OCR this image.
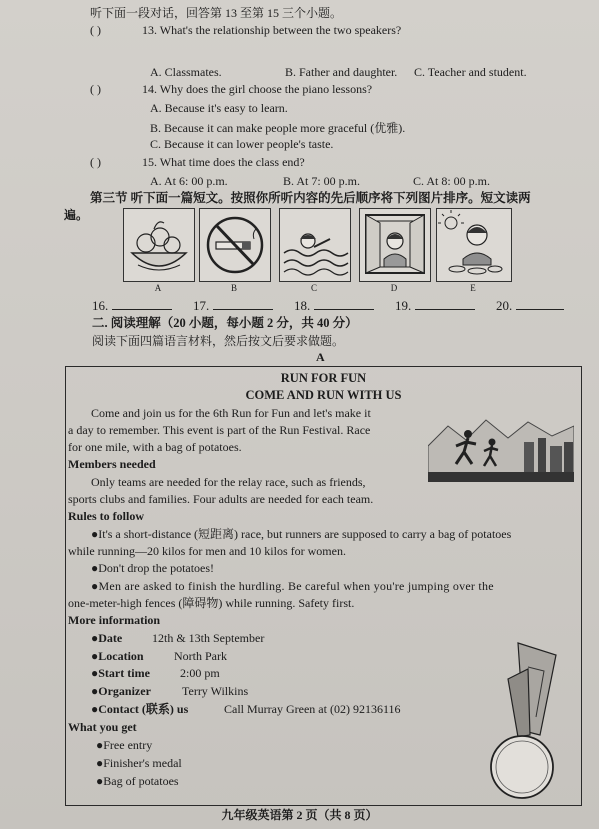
听下面一段对话，回答第 13 至第 15 三个小题。
( )	13. What's the relationship between the two speakers?
A. Classmates.	B. Father and daughter. C. Teacher and student.
( )	14. Why does the girl choose the piano lessons?
A. Because it's easy to learn.
B. Because it can make people more graceful (优雅).
C. Because it can lower people's taste.
( )	15. What time does the class end?
A. At 6: 00 p.m.	B. At 7: 00 p.m.	C. At 8: 00 p.m.
第三节 听下面一篇短文。按照你所听内容的先后顺序将下列图片排序。短文读两
遍。
A	B	C	D	E
16.	17.	18.	19.	20.
二. 阅读理解（20 小题，每小题 2 分，共 40 分）
阅读下面四篇语言材料，然后按文后要求做题。
A
RUN FOR FUN
COME AND RUN WITH US
Come and join us for the 6th Run for Fun and let's make it
a day to remember. This event is part of the Run Festival. Race
for one mile, with a bag of potatoes.
Members needed
Only teams are needed for the relay race, such as friends,
sports clubs and families. Four adults are needed for each team.
Rules to follow
●It's a short-distance (短距离) race, but runners are supposed to carry a bag of potatoes
while running—20 kilos for men and 10 kilos for women.
●Don't drop the potatoes!
●Men are asked to finish the hurdling. Be careful when you're jumping over the
one-meter-high fences (障碍物) while running. Safety first.
More information
●Date 12th & 13th September
●Location	North Park
●Start time	2:00 pm
●Organizer	Terry Wilkins
●Contact (联系) us	Call Murray Green at (02) 92136116
What you get
●Free entry
●Finisher's medal
●Bag of potatoes
九年级英语第 2 页（共 8 页）
